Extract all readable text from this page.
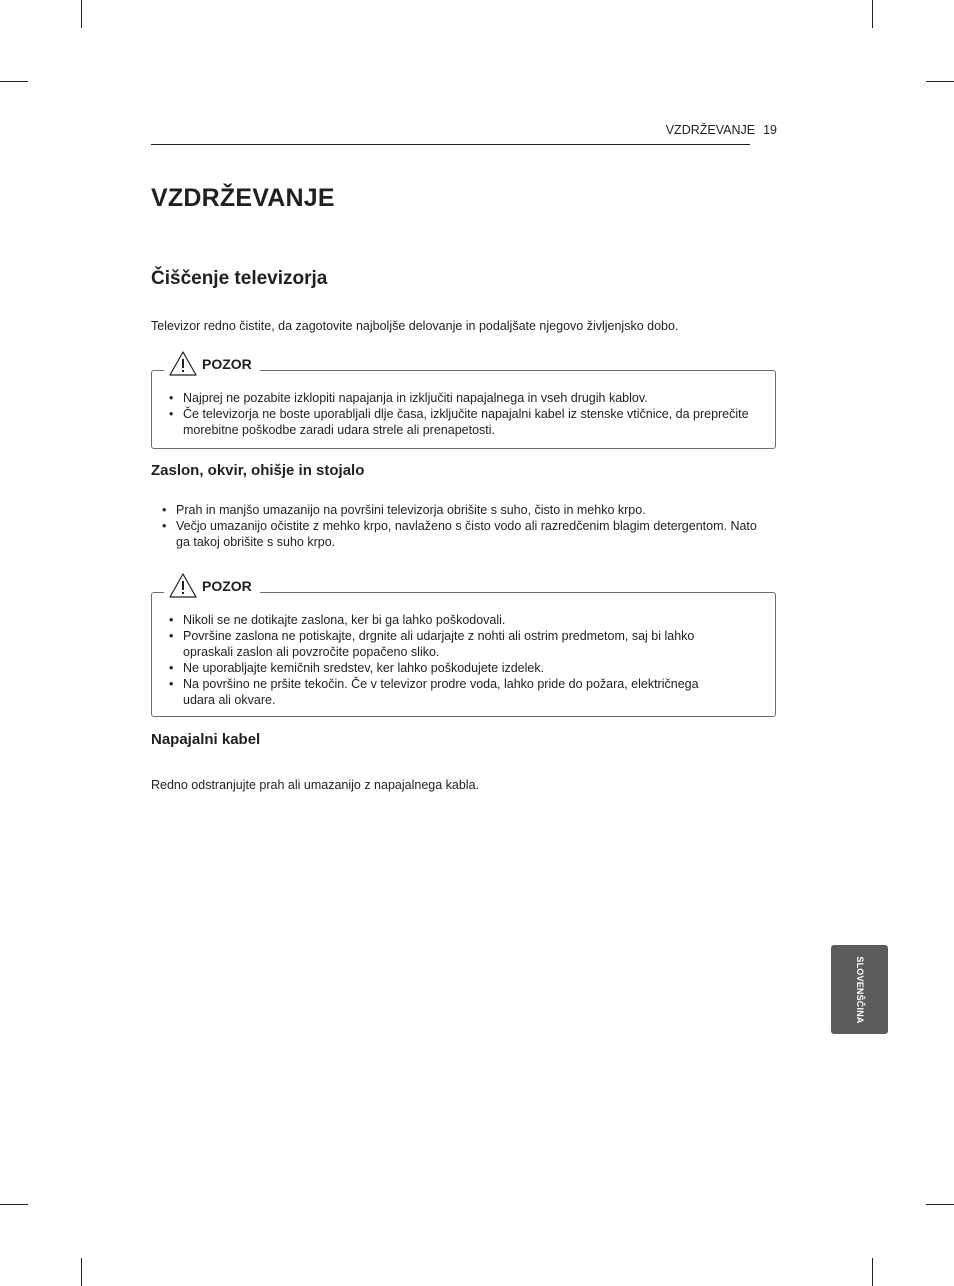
VZDRŽEVANJE 19
VZDRŽEVANJE
Čiščenje televizorja

Televizor redno čistite, da zagotovite najboljše delovanje in podaljšate njegovo življenjsko dobo.

POZOR
• Najprej ne pozabite izklopiti napajanja in izključiti napajalnega in vseh drugih kablov.
• Če televizorja ne boste uporabljali dlje časa, izključite napajalni kabel iz stenske vtičnice, da preprečite morebitne poškodbe zaradi udara strele ali prenapetosti.
Zaslon, okvir, ohišje in stojalo
• Prah in manjšo umazanijo na površini televizorja obrišite s suho, čisto in mehko krpo.
• Večjo umazanijo očistite z mehko krpo, navlaženo s čisto vodo ali razredčenim blagim detergentom. Nato ga takoj obrišite s suho krpo.
POZOR
• Nikoli se ne dotikajte zaslona, ker bi ga lahko poškodovali.
• Površine zaslona ne potiskajte, drgnite ali udarjajte z nohti ali ostrim predmetom, saj bi lahko opraskali zaslon ali povzročite popačeno sliko.
• Ne uporabljajte kemičnih sredstev, ker lahko poškodujete izdelek.
• Na površino ne pršite tekočin. Če v televizor prodre voda, lahko pride do požara, električnega udara ali okvare.
Napajalni kabel

Redno odstranjujte prah ali umazanijo z napajalnega kabla.

SLOVENŠČINA
